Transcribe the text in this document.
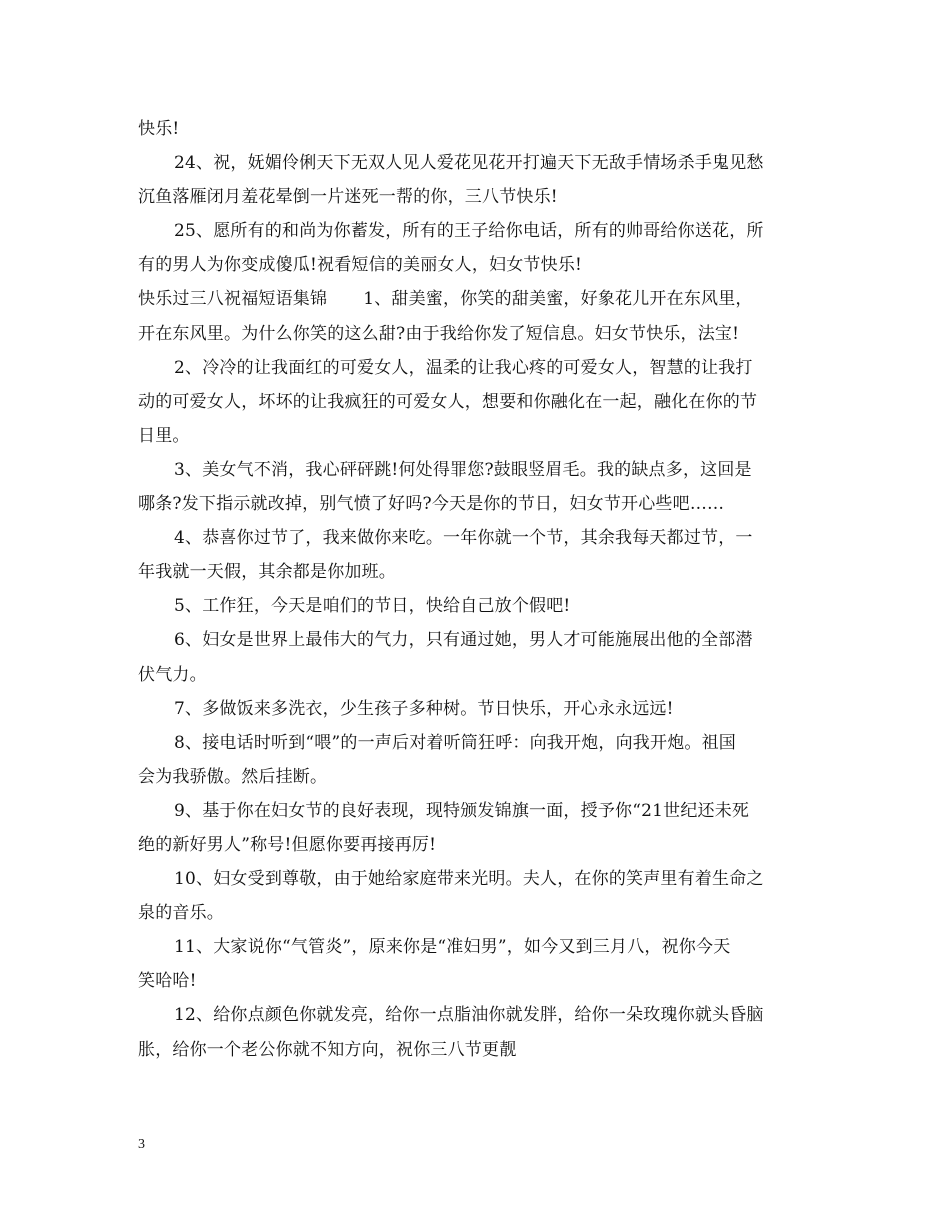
快乐!
24、祝，妩媚伶俐天下无双人见人爱花见花开打遍天下无敌手情场杀手鬼见愁
沉鱼落雁闭月羞花晕倒一片迷死一帮的你，三八节快乐!
25、愿所有的和尚为你蓄发，所有的王子给你电话，所有的帅哥给你送花，所
有的男人为你变成傻瓜!祝看短信的美丽女人，妇女节快乐!
快乐过三八祝福短语集锦 1、甜美蜜，你笑的甜美蜜，好象花儿开在东风里，
开在东风里。为什么你笑的这么甜?由于我给你发了短信息。妇女节快乐，法宝!
2、冷冷的让我面红的可爱女人，温柔的让我心疼的可爱女人，智慧的让我打
动的可爱女人，坏坏的让我疯狂的可爱女人，想要和你融化在一起，融化在你的节
日里。
3、美女气不消，我心砰砰跳!何处得罪您?鼓眼竖眉毛。我的缺点多，这回是
哪条?发下指示就改掉，别气愤了好吗?今天是你的节日，妇女节开心些吧……
4、恭喜你过节了，我来做你来吃。一年你就一个节，其余我每天都过节，一
年我就一天假，其余都是你加班。
5、工作狂，今天是咱们的节日，快给自己放个假吧!
6、妇女是世界上最伟大的气力，只有通过她，男人才可能施展出他的全部潜
伏气力。
7、多做饭来多洗衣，少生孩子多种树。节日快乐，开心永永远远!
8、接电话时听到“喂”的一声后对着听筒狂呼：向我开炮，向我开炮。祖国
会为我骄傲。然后挂断。
9、基于你在妇女节的良好表现，现特颁发锦旗一面，授予你“21世纪还未死
绝的新好男人”称号!但愿你要再接再厉!
10、妇女受到尊敬，由于她给家庭带来光明。夫人，在你的笑声里有着生命之
泉的音乐。
11、大家说你“气管炎”，原来你是“准妇男”，如今又到三月八，祝你今天
笑哈哈!
12、给你点颜色你就发亮，给你一点脂油你就发胖，给你一朵玫瑰你就头昏脑
胀，给你一个老公你就不知方向，祝你三八节更靓
3
